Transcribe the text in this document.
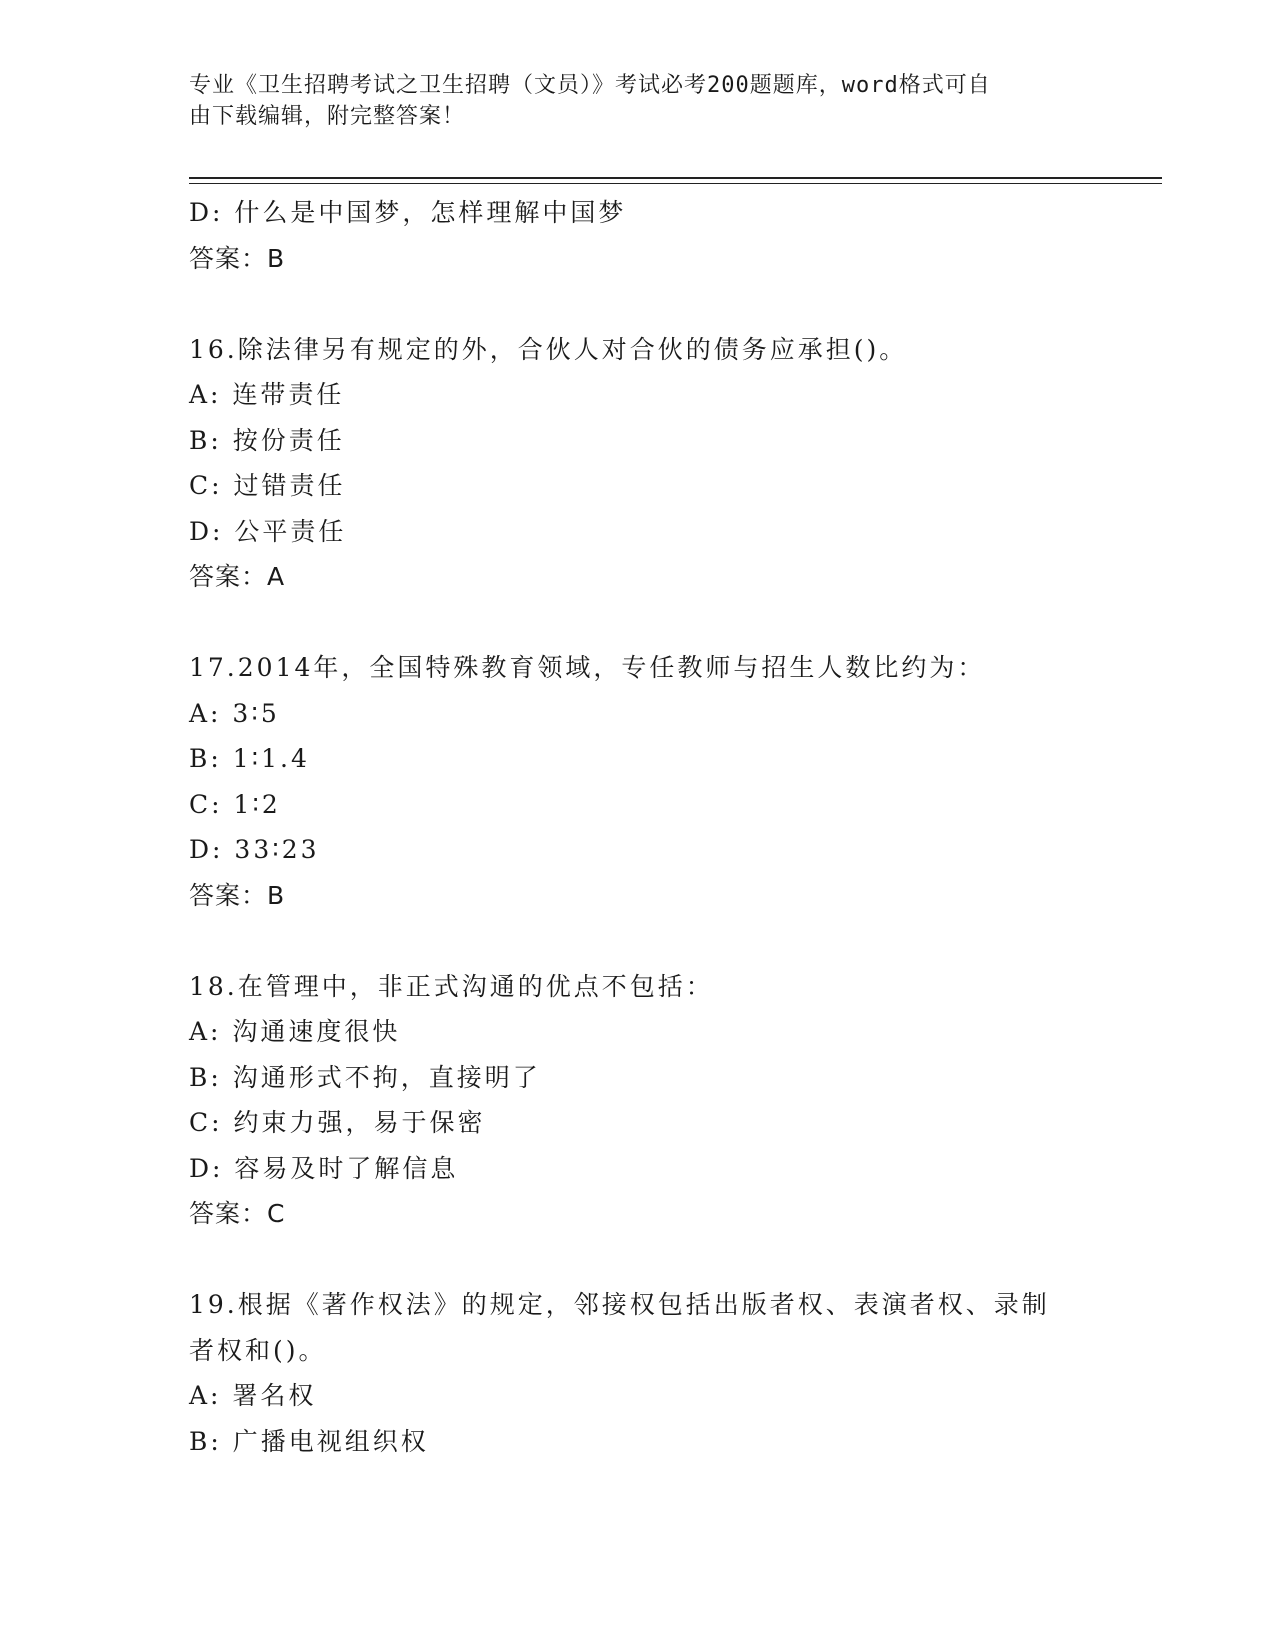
专业《卫生招聘考试之卫生招聘（文员）》考试必考200题题库，word格式可自
由下载编辑，附完整答案！
D: 什么是中国梦，怎样理解中国梦
答案：B
16.除法律另有规定的外，合伙人对合伙的债务应承担()。
A: 连带责任
B: 按份责任
C: 过错责任
D: 公平责任
答案：A
17.2014年，全国特殊教育领域，专任教师与招生人数比约为：
A: 3∶5
B: 1∶1.4
C: 1∶2
D: 33∶23
答案：B
18.在管理中，非正式沟通的优点不包括：
A: 沟通速度很快
B: 沟通形式不拘，直接明了
C: 约束力强，易于保密
D: 容易及时了解信息
答案：C
19.根据《著作权法》的规定，邻接权包括出版者权、表演者权、录制
者权和()。
A: 署名权
B: 广播电视组织权
